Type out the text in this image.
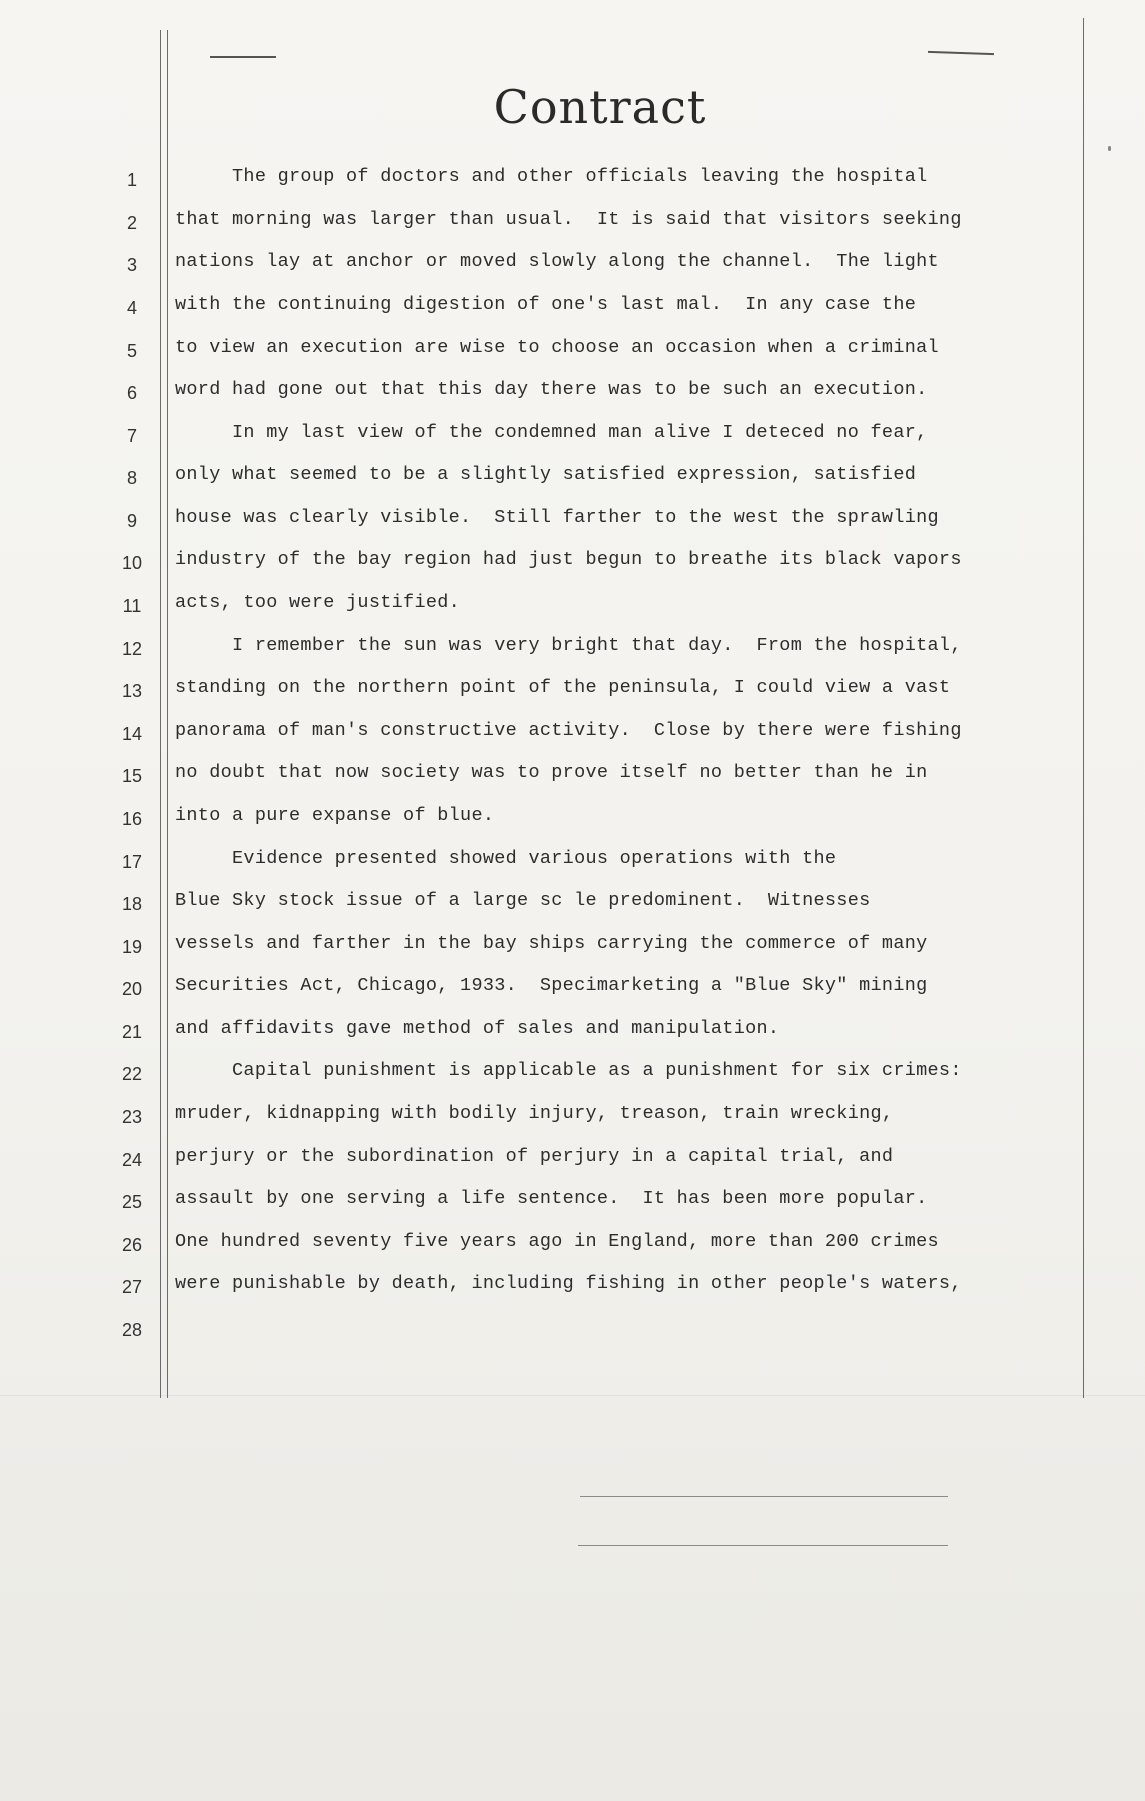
Contract
1
2
3
4
5
6
7
8
9
10
11
12
13
14
15
16
17
18
19
20
21
22
23
24
25
26
27
28
The group of doctors and other officials leaving the hospital
that morning was larger than usual.  It is said that visitors seeking
nations lay at anchor or moved slowly along the channel.  The light
with the continuing digestion of one's last mal.  In any case the
to view an execution are wise to choose an occasion when a criminal
word had gone out that this day there was to be such an execution.
In my last view of the condemned man alive I deteced no fear,
only what seemed to be a slightly satisfied expression, satisfied
house was clearly visible.  Still farther to the west the sprawling
industry of the bay region had just begun to breathe its black vapors
acts, too were justified.
I remember the sun was very bright that day.  From the hospital,
standing on the northern point of the peninsula, I could view a vast
panorama of man's constructive activity.  Close by there were fishing
no doubt that now society was to prove itself no better than he in
into a pure expanse of blue.
Evidence presented showed various operations with the
Blue Sky stock issue of a large sc le predominent.  Witnesses
vessels and farther in the bay ships carrying the commerce of many
Securities Act, Chicago, 1933.  Specimarketing a "Blue Sky" mining
and affidavits gave method of sales and manipulation.
Capital punishment is applicable as a punishment for six crimes:
mruder, kidnapping with bodily injury, treason, train wrecking,
perjury or the subordination of perjury in a capital trial, and
assault by one serving a life sentence.  It has been more popular.
One hundred seventy five years ago in England, more than 200 crimes
were punishable by death, including fishing in other people's waters,
